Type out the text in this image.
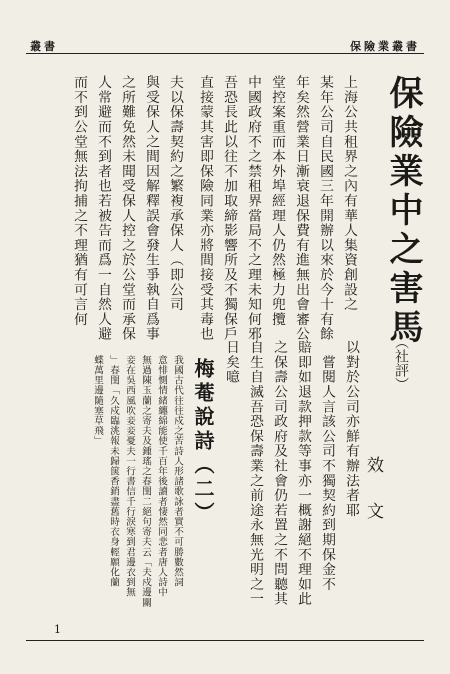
叢書	保險業叢書
保險業中之害馬
（社評）
上海公共租界之內有華人集資創設之
某年公司自民國三年開辦以來於今十有餘
年矣然營業日漸衰退保費有進無出會審公
堂控案重而本外埠經理人仍然極力兜攬
中國政府不之禁租界當局不之理未知何邪
吾恐長此以往不加取締影響所及不獨保戶
直接蒙其害即保險同業亦將間接受其毒也
夫以保壽契約之繁複承保人（即公司
與受保人之間因解釋誤會發生爭執自爲事
之所難免然未聞受保人控之於公堂而承保
人常避而不到者也若被告而爲一自然人避
而不到公堂無法拘捕之不理猶有可言何
以對於公司亦鮮有辦法者耶
　嘗閱人言該公司不獨契約到期保金不
賠即如退款押款等事亦一概謝絕不理如此
之保壽公司政府及社會仍若置之不問聽其
自生自滅吾恐保壽業之前途永無光明之一
日矣噫
效　文
梅菴說詩（二）
我國古代往往戍之苦詩人形諸歌詠者實不可勝數然詞
意悱惻情緒纏綿能使千百年後讀者悽然同悲者唐人詩中
無過陳玉蘭之寄夫及鍾瑤之春閨二絕句寄夫云「夫戍邊關
妾在吳西風吹妾妾憂夫一行書信千行淚寒到君邊衣到無
」春閨「久戍臨洮報未歸箧香銷盡舊時衣身輕願化蘭
蝶萬里邊隨塞草飛」
1
